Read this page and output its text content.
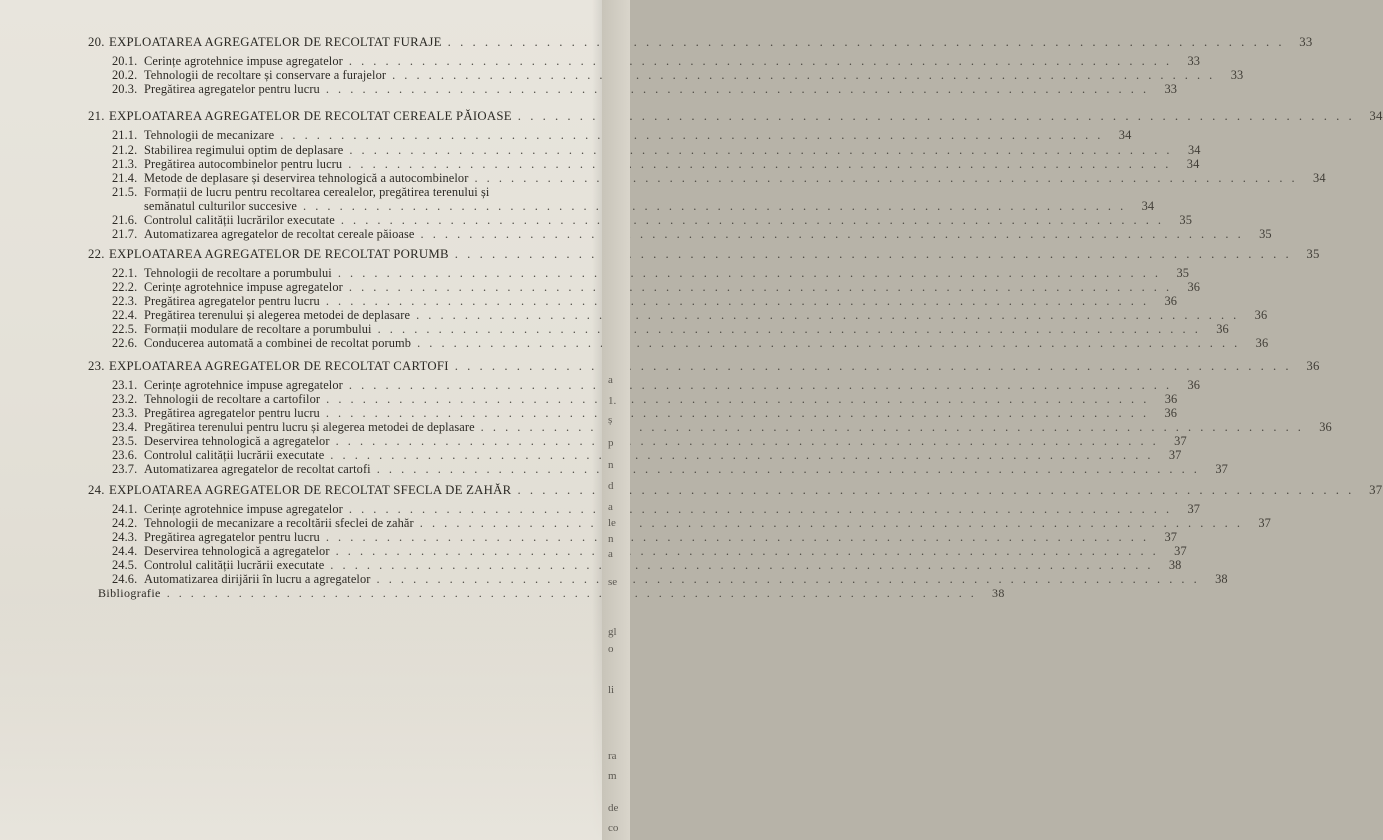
20. EXPLOATAREA AGREGATELOR DE RECOLTAT FURAJE . . .	33
20.1. Cerințe agrotehnice impuse agregatelor . . .	33
20.2. Tehnologii de recoltare și conservare a furajelor . . .	33
20.3. Pregătirea agregatelor pentru lucru . . .	33
21. EXPLOATAREA AGREGATELOR DE RECOLTAT CEREALE PĂIOASE . . .	34
21.1. Tehnologii de mecanizare . . .	34
21.2. Stabilirea regimului optim de deplasare . . .	34
21.3. Pregătirea autocombinelor pentru lucru . . .	34
21.4. Metode de deplasare și deservirea tehnologică a autocombinelor . . .	34
21.5. Formații de lucru pentru recoltarea cerealelor, pregătirea terenului și
semănatul culturilor succesive . . .	34
21.6. Controlul calității lucrărilor executate . . .	35
21.7. Automatizarea agregatelor de recoltat cereale păioase . . .	35
22. EXPLOATAREA AGREGATELOR DE RECOLTAT PORUMB . . .	35
22.1. Tehnologii de recoltare a porumbului . . .	35
22.2. Cerințe agrotehnice impuse agregatelor . . .	36
22.3. Pregătirea agregatelor pentru lucru . . .	36
22.4. Pregătirea terenului și alegerea metodei de deplasare . . .	36
22.5. Formații modulare de recoltare a porumbului . . .	36
22.6. Conducerea automată a combinei de recoltat porumb . . .	36
23. EXPLOATAREA AGREGATELOR DE RECOLTAT CARTOFI . . .	36
23.1. Cerințe agrotehnice impuse agregatelor . . .	36
23.2. Tehnologii de recoltare a cartofilor . . .	36
23.3. Pregătirea agregatelor pentru lucru . . .	36
23.4. Pregătirea terenului pentru lucru și alegerea metodei de deplasare . . .	36
23.5. Deservirea tehnologică a agregatelor . . .	37
23.6. Controlul calității lucrării executate . . .	37
23.7. Automatizarea agregatelor de recoltat cartofi . . .	37
24. EXPLOATAREA AGREGATELOR DE RECOLTAT SFECLA DE ZAHĂR . . .	37
24.1. Cerințe agrotehnice impuse agregatelor . . .	37
24.2. Tehnologii de mecanizare a recoltării sfeclei de zahăr . . .	37
24.3. Pregătirea agregatelor pentru lucru . . .	37
24.4. Deservirea tehnologică a agregatelor . . .	37
24.5. Controlul calității lucrării executate . . .	38
24.6. Automatizarea dirijării în lucru a agregatelor . . .	38
Bibliografie . . .	38
a
1.
ș
p
n
d
a
le
n
a
se
gl
o
li
ra
m
de
co
